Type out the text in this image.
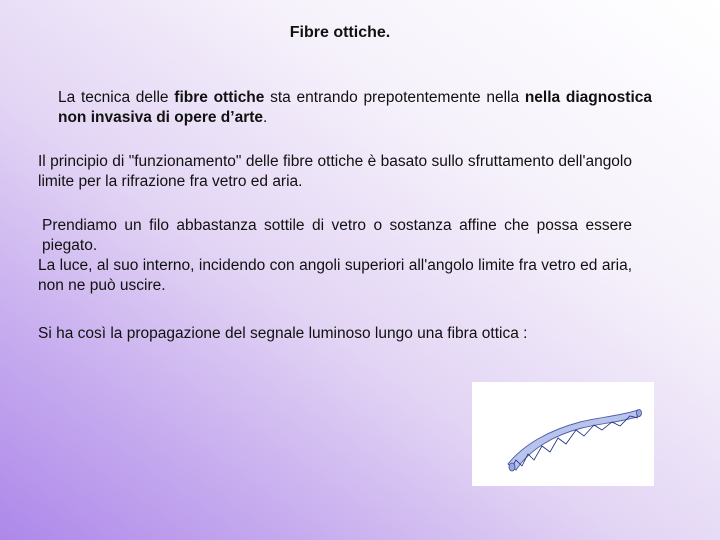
Fibre ottiche.
La tecnica delle fibre ottiche sta entrando prepotentemente nella nella diagnostica non invasiva di opere d’arte.
Il principio di "funzionamento" delle fibre ottiche è basato sullo sfruttamento dell'angolo limite per la rifrazione fra vetro ed aria.
Prendiamo un filo abbastanza sottile di vetro o sostanza affine che possa essere piegato.
La luce, al suo interno, incidendo con angoli superiori all'angolo limite fra vetro ed aria, non ne può uscire.
Si ha così la propagazione del segnale luminoso lungo una fibra ottica :
